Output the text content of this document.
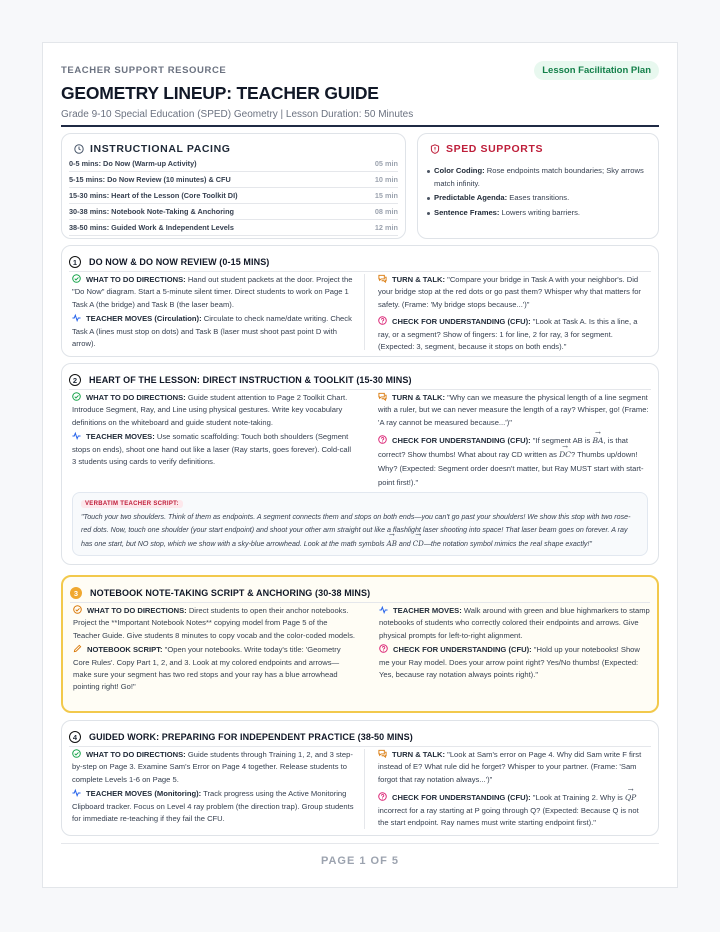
TEACHER SUPPORT RESOURCE	Lesson Facilitation Plan
GEOMETRY LINEUP: TEACHER GUIDE
Grade 9-10 Special Education (SPED) Geometry | Lesson Duration: 50 Minutes
INSTRUCTIONAL PACING
0-5 mins: Do Now (Warm-up Activity)	05 min
5-15 mins: Do Now Review (10 minutes) & CFU	10 min
15-30 mins: Heart of the Lesson (Core Toolkit DI)	15 min
30-38 mins: Notebook Note-Taking & Anchoring	08 min
38-50 mins: Guided Work & Independent Levels	12 min
SPED SUPPORTS
Color Coding: Rose endpoints match boundaries; Sky arrows match infinity.
Predictable Agenda: Eases transitions.
Sentence Frames: Lowers writing barriers.
1	DO NOW & DO NOW REVIEW (0-15 MINS)

WHAT TO DO DIRECTIONS: Hand out student packets at the door. Project the "Do Now" diagram. Start a 5-minute silent timer. Direct students to work on Page 1 Task A (the bridge) and Task B (the laser beam).

TEACHER MOVES (Circulation): Circulate to check name/date writing. Check Task A (lines must stop on dots) and Task B (laser must shoot past point D with arrow).

TURN & TALK: "Compare your bridge in Task A with your neighbor's. Did your bridge stop at the red dots or go past them? Whisper why that matters for safety. (Frame: 'My bridge stops because...')"

CHECK FOR UNDERSTANDING (CFU): "Look at Task A. Is this a line, a ray, or a segment? Show of fingers: 1 for line, 2 for ray, 3 for segment. (Expected: 3, segment, because it stops on both ends)."

2	HEART OF THE LESSON: DIRECT INSTRUCTION & TOOLKIT (15-30 MINS)

WHAT TO DO DIRECTIONS: Guide student attention to Page 2 Toolkit Chart. Introduce Segment, Ray, and Line using physical gestures. Write key vocabulary definitions on the whiteboard and guide student note-taking.

TEACHER MOVES: Use somatic scaffolding: Touch both shoulders (Segment stops on ends), shoot one hand out like a laser (Ray starts, goes forever). Cold-call 3 students using cards to verify definitions.

TURN & TALK: "Why can we measure the physical length of a line segment with a ruler, but we can never measure the length of a ray? Whisper, go! (Frame: 'A ray cannot be measured because...')"

CHECK FOR UNDERSTANDING (CFU): "If segment AB is → BA, is that correct? Show thumbs! What about ray CD written as → DC? Thumbs up/down! Why? (Expected: Segment order doesn't matter, but Ray MUST start with start-point first!)."

VERBATIM TEACHER SCRIPT:
"Touch your two shoulders. Think of them as endpoints. A segment connects them and stops on both ends—you can't go past your shoulders! We show this stop with two rose-red dots. Now, touch one shoulder (your start endpoint) and shoot your other arm straight out like a flashlight laser shooting into space! That laser beam goes on forever. A ray has one start, but NO stop, which we show with a sky-blue arrowhead. Look at the math symbols → AB and → CD—the notation symbol mimics the real shape exactly!"
3	NOTEBOOK NOTE-TAKING SCRIPT & ANCHORING (30-38 MINS)

WHAT TO DO DIRECTIONS: Direct students to open their anchor notebooks. Project the **Important Notebook Notes** copying model from Page 5 of the Teacher Guide. Give students 8 minutes to copy vocab and the color-coded models.

NOTEBOOK SCRIPT: "Open your notebooks. Write today's title: 'Geometry Core Rules'. Copy Part 1, 2, and 3. Look at my colored endpoints and arrows—make sure your segment has two red stops and your ray has a blue arrowhead pointing right! Go!"

TEACHER MOVES: Walk around with green and blue highmarkers to stamp notebooks of students who correctly colored their endpoints and arrows. Give physical prompts for left-to-right alignment.

CHECK FOR UNDERSTANDING (CFU): "Hold up your notebooks! Show me your Ray model. Does your arrow point right? Yes/No thumbs! (Expected: Yes, because ray notation always points right)."

4	GUIDED WORK: PREPARING FOR INDEPENDENT PRACTICE (38-50 MINS)

WHAT TO DO DIRECTIONS: Guide students through Training 1, 2, and 3 step-by-step on Page 3. Examine Sam's Error on Page 4 together. Release students to complete Levels 1-6 on Page 5.

TEACHER MOVES (Monitoring): Track progress using the Active Monitoring Clipboard tracker. Focus on Level 4 ray problem (the direction trap). Group students for immediate re-teaching if they fail the CFU.

TURN & TALK: "Look at Sam's error on Page 4. Why did Sam write F first instead of E? What rule did he forget? Whisper to your partner. (Frame: 'Sam forgot that ray notation always...')"

CHECK FOR UNDERSTANDING (CFU): "Look at Training 2. Why is → QP incorrect for a ray starting at P going through Q? (Expected: Because Q is not the start endpoint. Ray names must write starting endpoint first)."

PAGE 1 OF 5
